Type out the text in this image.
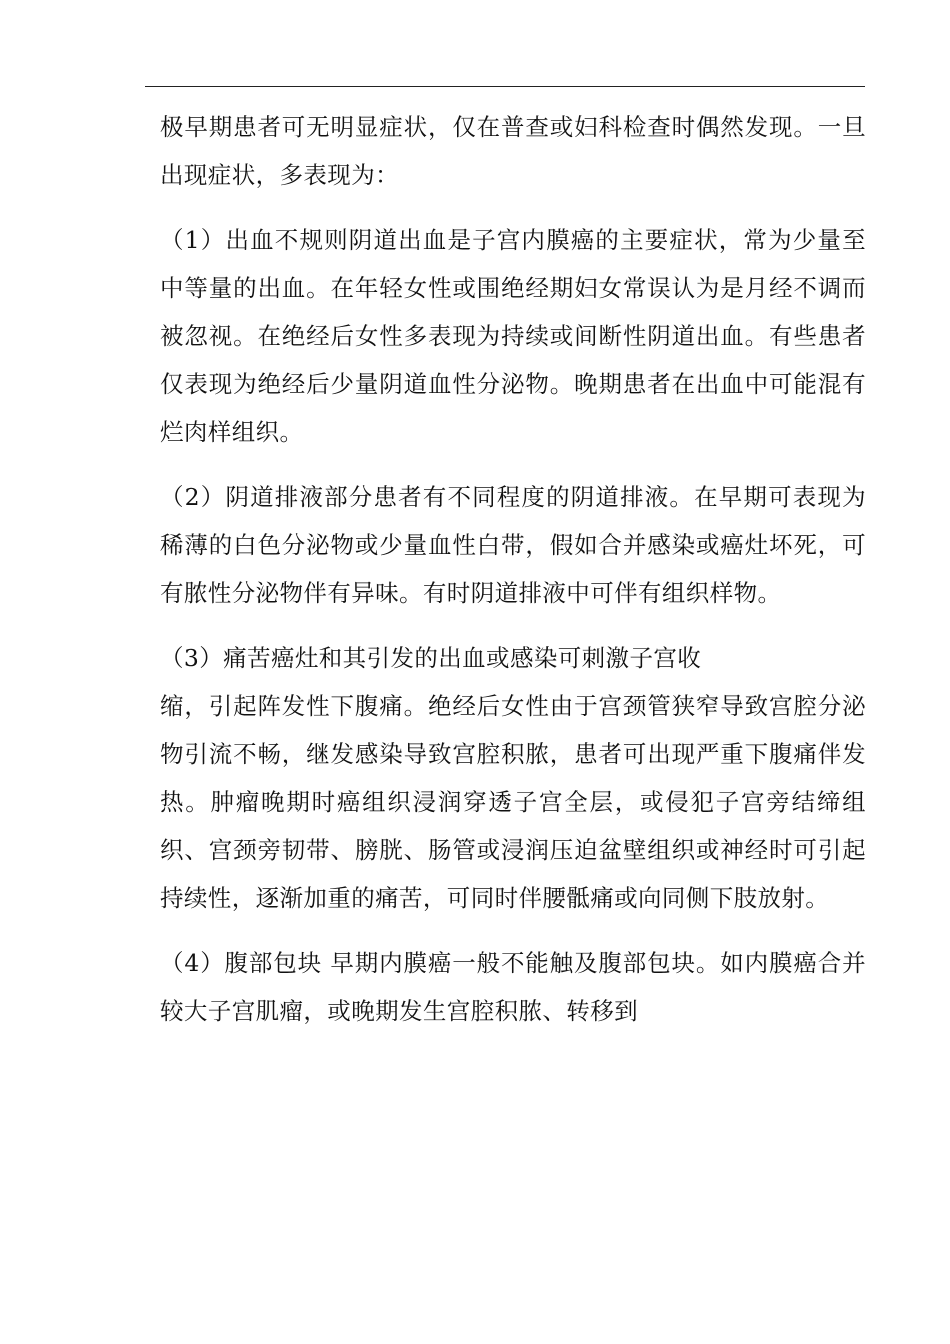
极早期患者可无明显症状，仅在普查或妇科检查时偶然发现。一旦出现症状，多表现为：

（1）出血不规则阴道出血是子宫内膜癌的主要症状，常为少量至中等量的出血。在年轻女性或围绝经期妇女常误认为是月经不调而被忽视。在绝经后女性多表现为持续或间断性阴道出血。有些患者仅表现为绝经后少量阴道血性分泌物。晚期患者在出血中可能混有烂肉样组织。

（2）阴道排液部分患者有不同程度的阴道排液。在早期可表现为稀薄的白色分泌物或少量血性白带，假如合并感染或癌灶坏死，可有脓性分泌物伴有异味。有时阴道排液中可伴有组织样物。

（3）痛苦癌灶和其引发的出血或感染可刺激子宫收

缩，引起阵发性下腹痛。绝经后女性由于宫颈管狭窄导致宫腔分泌物引流不畅，继发感染导致宫腔积脓，患者可出现严重下腹痛伴发热。肿瘤晚期时癌组织浸润穿透子宫全层，或侵犯子宫旁结缔组织、宫颈旁韧带、膀胱、肠管或浸润压迫盆壁组织或神经时可引起持续性，逐渐加重的痛苦，可同时伴腰骶痛或向同侧下肢放射。

（4）腹部包块 早期内膜癌一般不能触及腹部包块。如内膜癌合并较大子宫肌瘤，或晚期发生宫腔积脓、转移到
